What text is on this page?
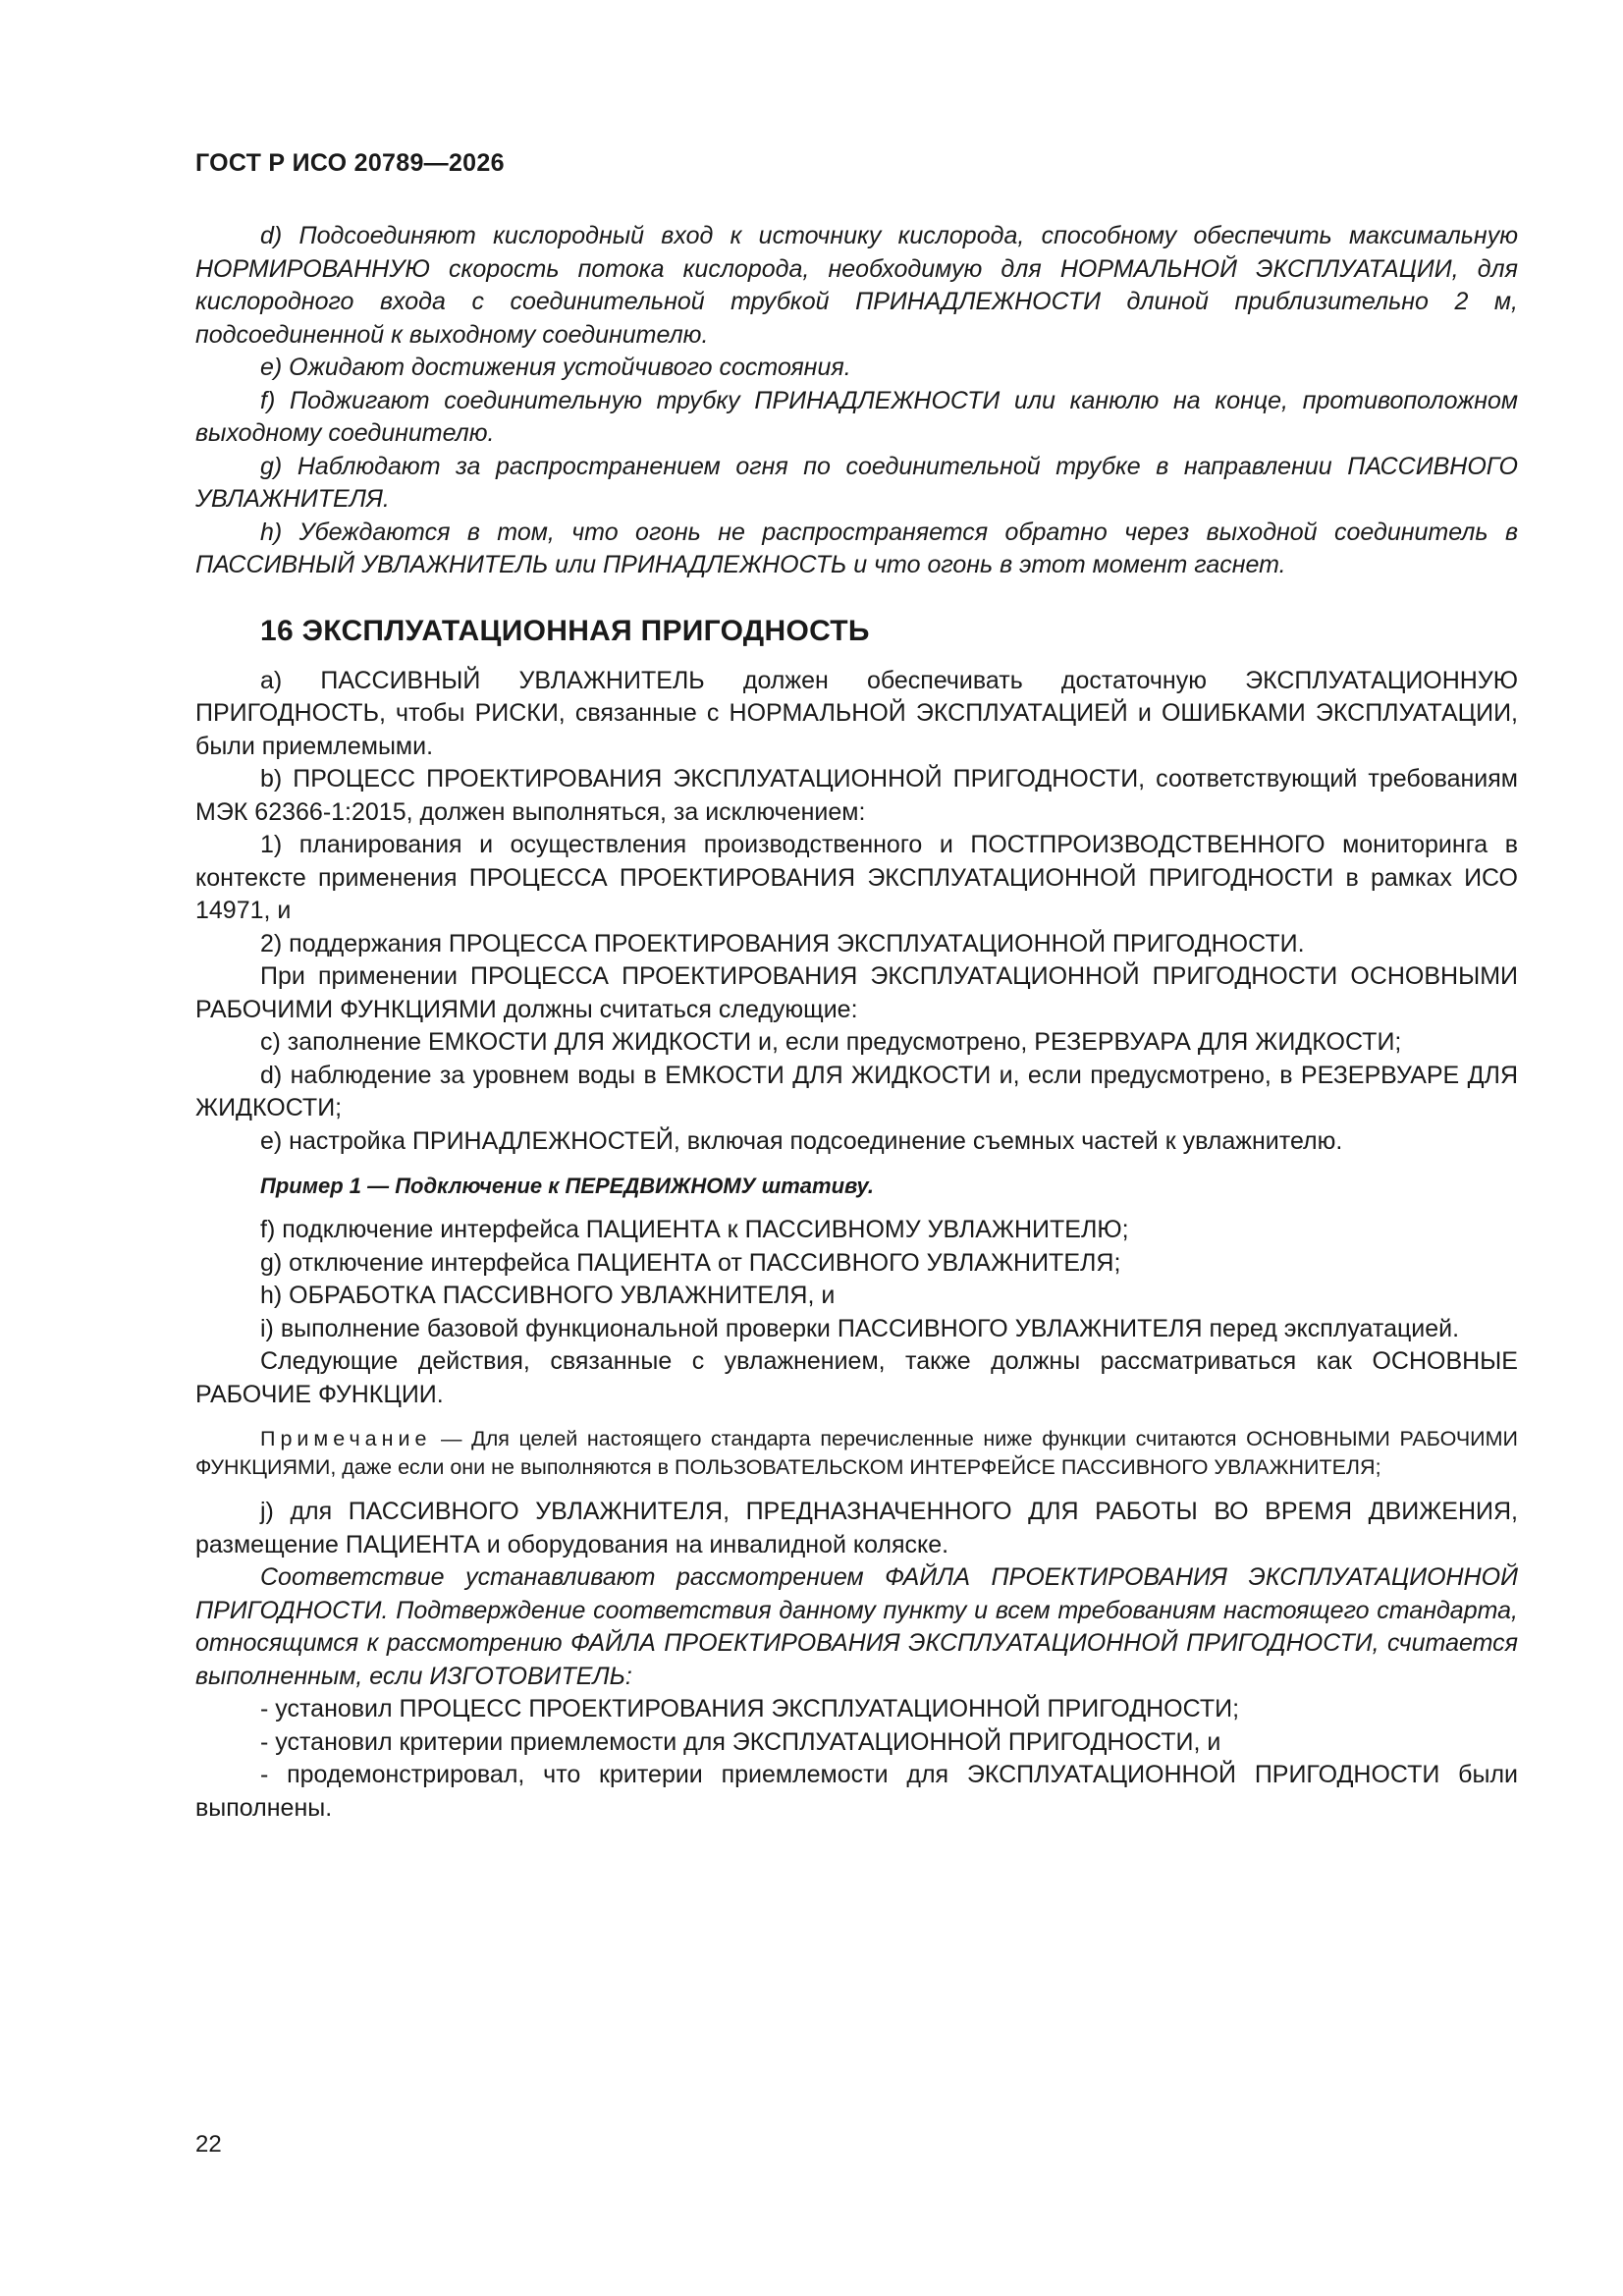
ГОСТ Р ИСО 20789—2026

d) Подсоединяют кислородный вход к источнику кислорода, способному обеспечить максимальную НОРМИРОВАННУЮ скорость потока кислорода, необходимую для НОРМАЛЬНОЙ ЭКСПЛУАТАЦИИ, для кислородного входа с соединительной трубкой ПРИНАДЛЕЖНОСТИ длиной приблизительно 2 м, подсоединенной к выходному соединителю.

e) Ожидают достижения устойчивого состояния.

f) Поджигают соединительную трубку ПРИНАДЛЕЖНОСТИ или канюлю на конце, противоположном выходному соединителю.

g) Наблюдают за распространением огня по соединительной трубке в направлении ПАССИВНОГО УВЛАЖНИТЕЛЯ.

h) Убеждаются в том, что огонь не распространяется обратно через выходной соединитель в ПАССИВНЫЙ УВЛАЖНИТЕЛЬ или ПРИНАДЛЕЖНОСТЬ и что огонь в этот момент гаснет.

16 ЭКСПЛУАТАЦИОННАЯ ПРИГОДНОСТЬ

a) ПАССИВНЫЙ УВЛАЖНИТЕЛЬ должен обеспечивать достаточную ЭКСПЛУАТАЦИОННУЮ ПРИГОДНОСТЬ, чтобы РИСКИ, связанные с НОРМАЛЬНОЙ ЭКСПЛУАТАЦИЕЙ и ОШИБКАМИ ЭКСПЛУАТАЦИИ, были приемлемыми.

b) ПРОЦЕСС ПРОЕКТИРОВАНИЯ ЭКСПЛУАТАЦИОННОЙ ПРИГОДНОСТИ, соответствующий требованиям МЭК 62366-1:2015, должен выполняться, за исключением:

1) планирования и осуществления производственного и ПОСТПРОИЗВОДСТВЕННОГО мониторинга в контексте применения ПРОЦЕССА ПРОЕКТИРОВАНИЯ ЭКСПЛУАТАЦИОННОЙ ПРИГОДНОСТИ в рамках ИСО 14971, и

2) поддержания ПРОЦЕССА ПРОЕКТИРОВАНИЯ ЭКСПЛУАТАЦИОННОЙ ПРИГОДНОСТИ.

При применении ПРОЦЕССА ПРОЕКТИРОВАНИЯ ЭКСПЛУАТАЦИОННОЙ ПРИГОДНОСТИ ОСНОВНЫМИ РАБОЧИМИ ФУНКЦИЯМИ должны считаться следующие:

c) заполнение ЕМКОСТИ ДЛЯ ЖИДКОСТИ и, если предусмотрено, РЕЗЕРВУАРА ДЛЯ ЖИДКОСТИ;

d) наблюдение за уровнем воды в ЕМКОСТИ ДЛЯ ЖИДКОСТИ и, если предусмотрено, в РЕЗЕРВУАРЕ ДЛЯ ЖИДКОСТИ;

e) настройка ПРИНАДЛЕЖНОСТЕЙ, включая подсоединение съемных частей к увлажнителю.

Пример 1 — Подключение к ПЕРЕДВИЖНОМУ штативу.

f) подключение интерфейса ПАЦИЕНТА к ПАССИВНОМУ УВЛАЖНИТЕЛЮ;

g) отключение интерфейса ПАЦИЕНТА от ПАССИВНОГО УВЛАЖНИТЕЛЯ;

h) ОБРАБОТКА ПАССИВНОГО УВЛАЖНИТЕЛЯ, и

i) выполнение базовой функциональной проверки ПАССИВНОГО УВЛАЖНИТЕЛЯ перед эксплуатацией.

Следующие действия, связанные с увлажнением, также должны рассматриваться как ОСНОВНЫЕ РАБОЧИЕ ФУНКЦИИ.

Примечание — Для целей настоящего стандарта перечисленные ниже функции считаются ОСНОВНЫМИ РАБОЧИМИ ФУНКЦИЯМИ, даже если они не выполняются в ПОЛЬЗОВАТЕЛЬСКОМ ИНТЕРФЕЙСЕ ПАССИВНОГО УВЛАЖНИТЕЛЯ;

j) для ПАССИВНОГО УВЛАЖНИТЕЛЯ, ПРЕДНАЗНАЧЕННОГО ДЛЯ РАБОТЫ ВО ВРЕМЯ ДВИЖЕНИЯ, размещение ПАЦИЕНТА и оборудования на инвалидной коляске.

Соответствие устанавливают рассмотрением ФАЙЛА ПРОЕКТИРОВАНИЯ ЭКСПЛУАТАЦИОННОЙ ПРИГОДНОСТИ. Подтверждение соответствия данному пункту и всем требованиям настоящего стандарта, относящимся к рассмотрению ФАЙЛА ПРОЕКТИРОВАНИЯ ЭКСПЛУАТАЦИОННОЙ ПРИГОДНОСТИ, считается выполненным, если ИЗГОТОВИТЕЛЬ:

- установил ПРОЦЕСС ПРОЕКТИРОВАНИЯ ЭКСПЛУАТАЦИОННОЙ ПРИГОДНОСТИ;

- установил критерии приемлемости для ЭКСПЛУАТАЦИОННОЙ ПРИГОДНОСТИ, и

- продемонстрировал, что критерии приемлемости для ЭКСПЛУАТАЦИОННОЙ ПРИГОДНОСТИ были выполнены.

22
